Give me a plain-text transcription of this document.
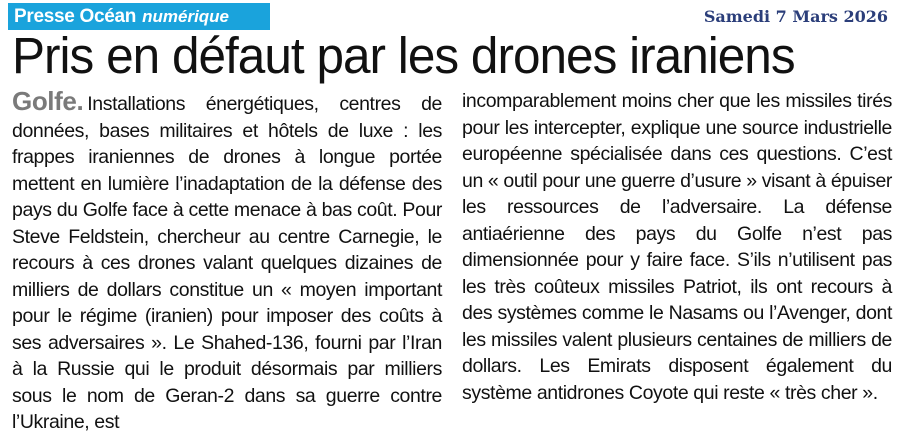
Presse Océan numérique	Samedi 7 Mars 2026
Pris en défaut par les drones iraniens

Golfe. Installations énergétiques, centres de données, bases militaires et hôtels de luxe : les frappes iraniennes de drones à longue portée mettent en lumière l’inadaptation de la défense des pays du Golfe face à cette menace à bas coût. Pour Steve Feldstein, chercheur au centre Carnegie, le recours à ces drones valant quelques dizaines de milliers de dollars constitue un « moyen important pour le régime (iranien) pour imposer des coûts à ses adversaires ». Le Shahed-136, fourni par l’Iran à la Russie qui le produit désormais par milliers sous le nom de Geran-2 dans sa guerre contre l’Ukraine, est

incomparablement moins cher que les missiles tirés pour les intercepter, explique une source industrielle européenne spécialisée dans ces questions. C’est un « outil pour une guerre d’usure » visant à épuiser les ressources de l’adversaire. La défense antiaérienne des pays du Golfe n’est pas dimensionnée pour y faire face. S’ils n’utilisent pas les très coûteux missiles Patriot, ils ont recours à des systèmes comme le Nasams ou l’Avenger, dont les missiles valent plusieurs centaines de milliers de dollars. Les Emirats disposent également du système antidrones Coyote qui reste « très cher ».
